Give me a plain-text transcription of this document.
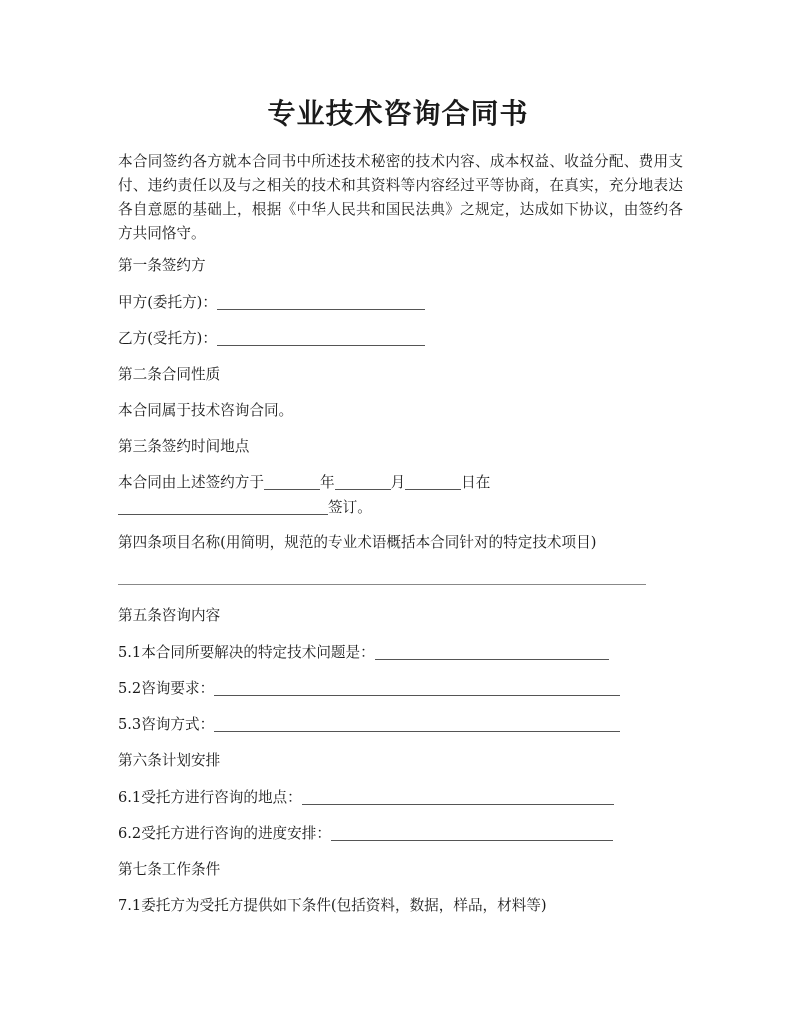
专业技术咨询合同书

本合同签约各方就本合同书中所述技术秘密的技术内容、成本权益、收益分配、费用支付、违约责任以及与之相关的技术和其资料等内容经过平等协商，在真实，充分地表达各自意愿的基础上，根据《中华人民共和国民法典》之规定，达成如下协议，由签约各方共同恪守。

第一条签约方

甲方(委托方)：

乙方(受托方)：

第二条合同性质

本合同属于技术咨询合同。

第三条签约时间地点

本合同由上述签约方于	年	月	日在

签订。

第四条项目名称(用简明，规范的专业术语概括本合同针对的特定技术项目)

第五条咨询内容

5.1本合同所要解决的特定技术问题是：

5.2咨询要求：

5.3咨询方式：

第六条计划安排

6.1受托方进行咨询的地点：

6.2受托方进行咨询的进度安排：

第七条工作条件

7.1委托方为受托方提供如下条件(包括资料，数据，样品，材料等)
